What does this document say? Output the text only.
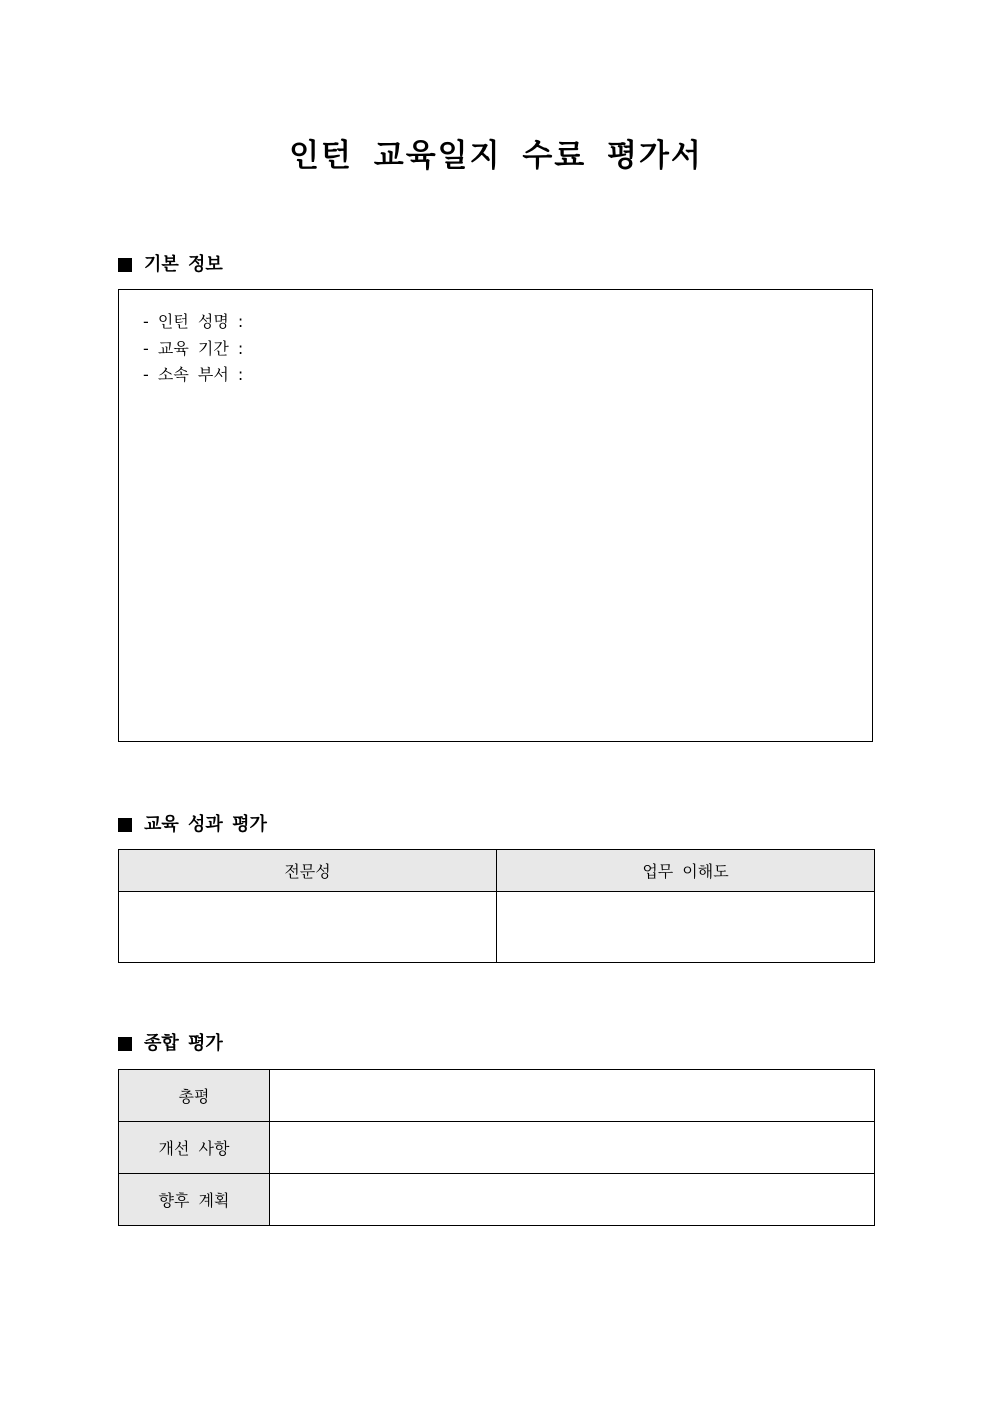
인턴 교육일지 수료 평가서
기본 정보
- 인턴 성명 :
- 교육 기간 :
- 소속 부서 :
교육 성과 평가
전문성	업무 이해도

종합 평가
총평	
개선 사항	
향후 계획	
